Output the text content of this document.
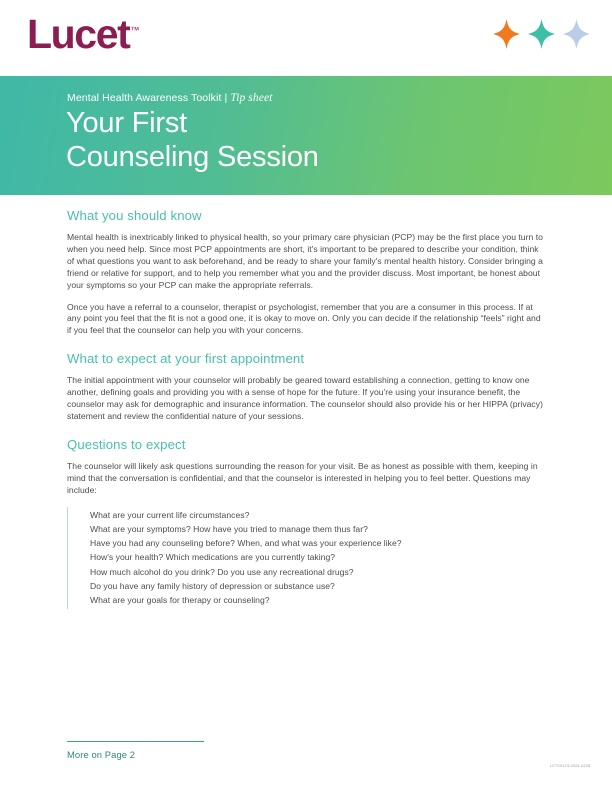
Lucet™
Mental Health Awareness Toolkit | Tip sheet
Your First
Counseling Session
What you should know

Mental health is inextricably linked to physical health, so your primary care physician (PCP) may be the first place you turn to when you need help. Since most PCP appointments are short, it's important to be prepared to describe your condition, think of what questions you want to ask beforehand, and be ready to share your family's mental health history. Consider bringing a friend or relative for support, and to help you remember what you and the provider discuss. Most important, be honest about your symptoms so your PCP can make the appropriate referrals.

Once you have a referral to a counselor, therapist or psychologist, remember that you are a consumer in this process. If at any point you feel that the fit is not a good one, it is okay to move on. Only you can decide if the relationship “feels” right and if you feel that the counselor can help you with your concerns.

What to expect at your first appointment

The initial appointment with your counselor will probably be geared toward establishing a connection, getting to know one another, defining goals and providing you with a sense of hope for the future. If you're using your insurance benefit, the counselor may ask for demographic and insurance information. The counselor should also provide his or her HIPPA (privacy) statement and review the confidential nature of your sessions.

Questions to expect

The counselor will likely ask questions surrounding the reason for your visit. Be as honest as possible with them, keeping in mind that the conversation is confidential, and that the counselor is interested in helping you to feel better. Questions may include:

What are your current life circumstances?
What are your symptoms? How have you tried to manage them thus far?
Have you had any counseling before? When, and what was your experience like?
How's your health? Which medications are you currently taking?
How much alcohol do you drink? Do you use any recreational drugs?
Do you have any family history of depression or substance use?
What are your goals for therapy or counseling?
More on Page 2
LCT0X123-2024-0228
